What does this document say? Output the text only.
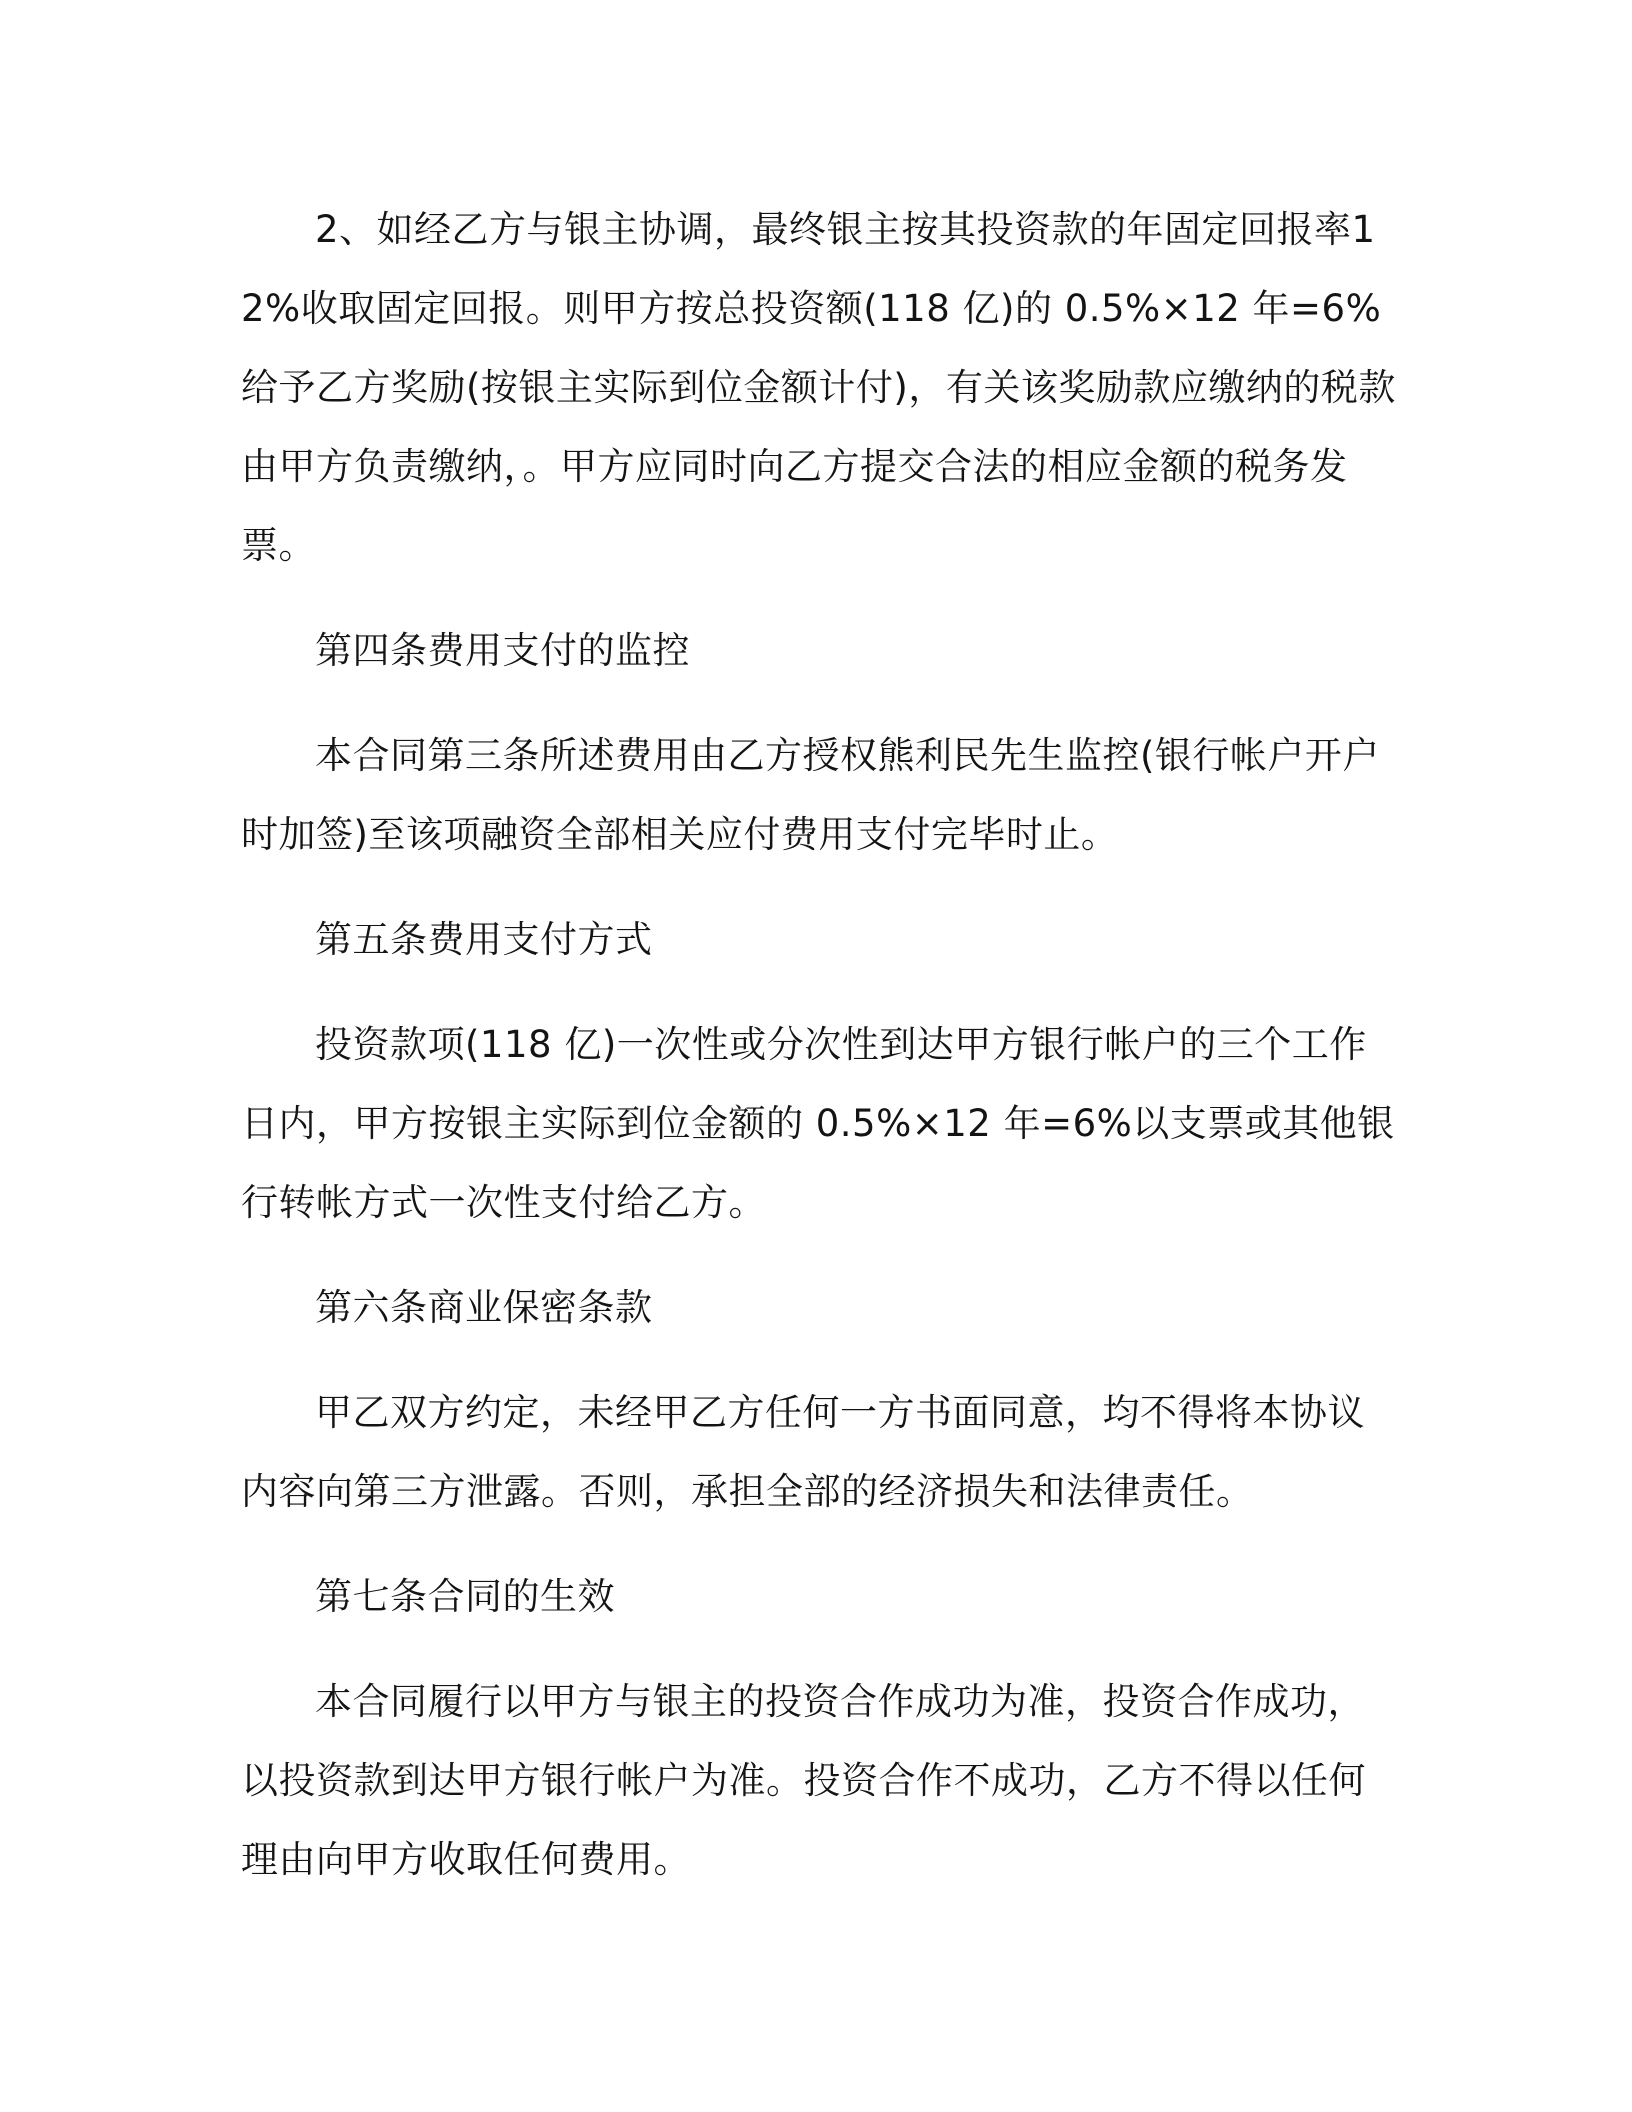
2、如经乙方与银主协调，最终银主按其投资款的年固定回报率12%收取固定回报。则甲方按总投资额(118 亿)的 0.5%×12 年=6%给予乙方奖励(按银主实际到位金额计付)，有关该奖励款应缴纳的税款由甲方负责缴纳，。甲方应同时向乙方提交合法的相应金额的税务发票。

第四条费用支付的监控

本合同第三条所述费用由乙方授权熊利民先生监控(银行帐户开户时加签)至该项融资全部相关应付费用支付完毕时止。

第五条费用支付方式

投资款项(118 亿)一次性或分次性到达甲方银行帐户的三个工作日内，甲方按银主实际到位金额的 0.5%×12 年=6%以支票或其他银行转帐方式一次性支付给乙方。

第六条商业保密条款

甲乙双方约定，未经甲乙方任何一方书面同意，均不得将本协议内容向第三方泄露。否则，承担全部的经济损失和法律责任。

第七条合同的生效

本合同履行以甲方与银主的投资合作成功为准，投资合作成功，以投资款到达甲方银行帐户为准。投资合作不成功，乙方不得以任何理由向甲方收取任何费用。
